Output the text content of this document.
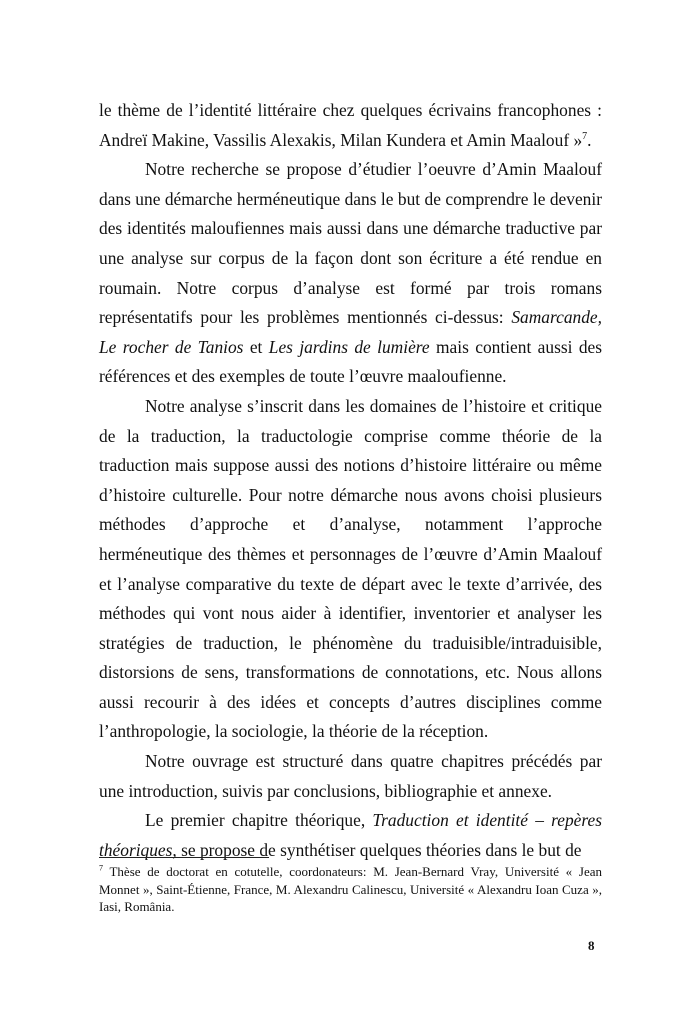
le thème de l’identité littéraire chez quelques écrivains francophones : Andreï Makine, Vassilis Alexakis, Milan Kundera et Amin Maalouf »$^7$.

Notre recherche se propose d’étudier l’oeuvre d’Amin Maalouf dans une démarche herméneutique dans le but de comprendre le devenir des identités maloufiennes mais aussi dans une démarche traductive par une analyse sur corpus de la façon dont son écriture a été rendue en roumain. Notre corpus d’analyse est formé par trois romans représentatifs pour les problèmes mentionnés ci-dessus: Samarcande, Le rocher de Tanios et Les jardins de lumière mais contient aussi des références et des exemples de toute l’œuvre maaloufienne.

Notre analyse s’inscrit dans les domaines de l’histoire et critique de la traduction, la traductologie comprise comme théorie de la traduction mais suppose aussi des notions d’histoire littéraire ou même d’histoire culturelle. Pour notre démarche nous avons choisi plusieurs méthodes d’approche et d’analyse, notamment l’approche herméneutique des thèmes et personnages de l’œuvre d’Amin Maalouf et l’analyse comparative du texte de départ avec le texte d’arrivée, des méthodes qui vont nous aider à identifier, inventorier et analyser les stratégies de traduction, le phénomène du traduisible/intraduisible, distorsions de sens, transformations de connotations, etc. Nous allons aussi recourir à des idées et concepts d’autres disciplines comme l’anthropologie, la sociologie, la théorie de la réception.

Notre ouvrage est structuré dans quatre chapitres précédés par une introduction, suivis par conclusions, bibliographie et annexe.

Le premier chapitre théorique, Traduction et identité – repères théoriques, se propose de synthétiser quelques théories dans le but de

$^7$ Thèse de doctorat en cotutelle, coordonateurs: M. Jean-Bernard Vray, Université « Jean Monnet », Saint-Étienne, France, M. Alexandru Calinescu, Université « Alexandru Ioan Cuza », Iasi, România.

8
